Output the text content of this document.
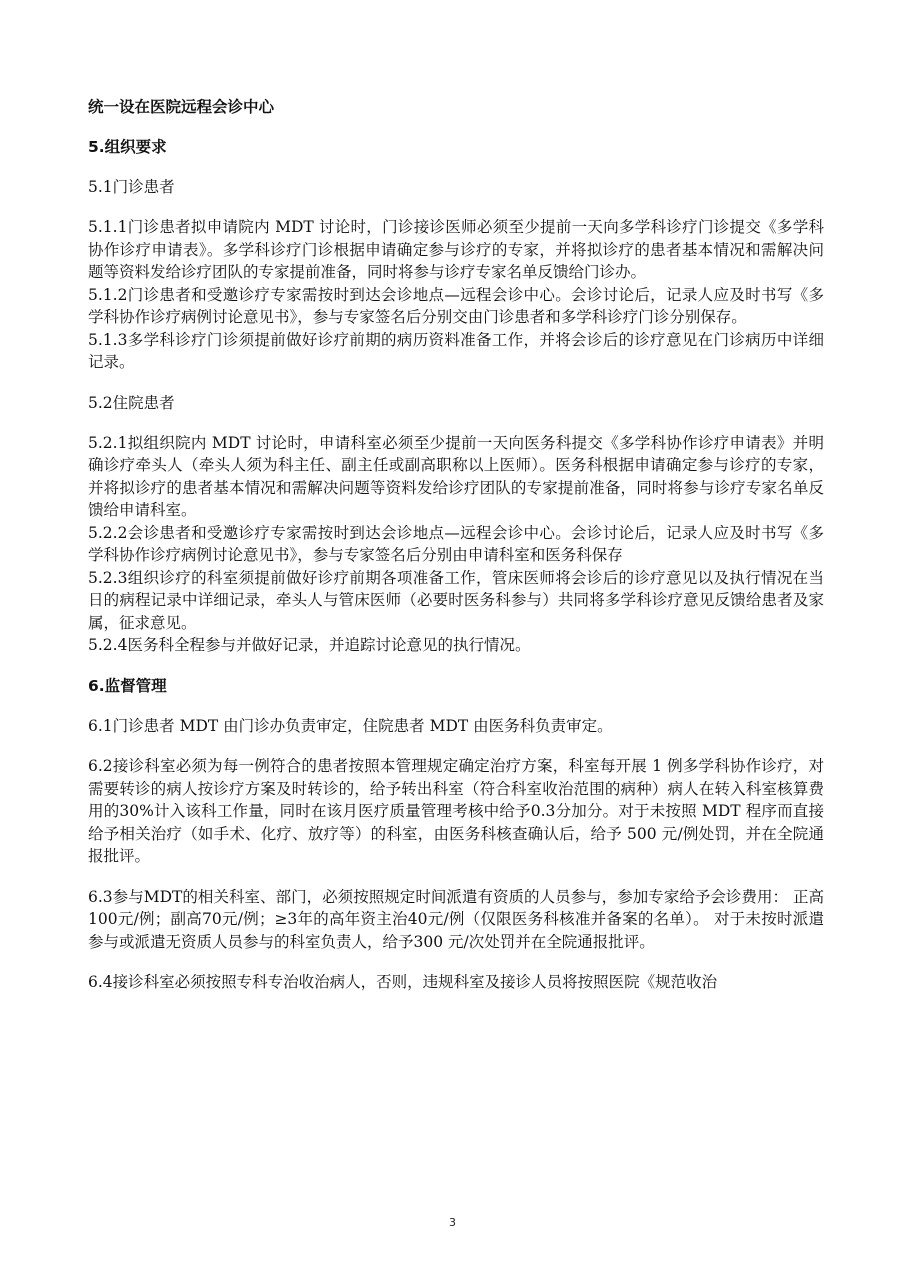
统一设在医院远程会诊中心

5.组织要求

5.1门诊患者

5.1.1门诊患者拟申请院内 MDT 讨论时，门诊接诊医师必须至少提前一天向多学科诊疗门诊提交《多学科协作诊疗申请表》。多学科诊疗门诊根据申请确定参与诊疗的专家，并将拟诊疗的患者基本情况和需解决问题等资料发给诊疗团队的专家提前准备，同时将参与诊疗专家名单反馈给门诊办。

5.1.2门诊患者和受邀诊疗专家需按时到达会诊地点—远程会诊中心。会诊讨论后，记录人应及时书写《多学科协作诊疗病例讨论意见书》，参与专家签名后分别交由门诊患者和多学科诊疗门诊分别保存。

5.1.3多学科诊疗门诊须提前做好诊疗前期的病历资料准备工作，并将会诊后的诊疗意见在门诊病历中详细记录。

5.2住院患者

5.2.1拟组织院内 MDT 讨论时，申请科室必须至少提前一天向医务科提交《多学科协作诊疗申请表》并明确诊疗牵头人（牵头人须为科主任、副主任或副高职称以上医师）。医务科根据申请确定参与诊疗的专家，并将拟诊疗的患者基本情况和需解决问题等资料发给诊疗团队的专家提前准备，同时将参与诊疗专家名单反馈给申请科室。

5.2.2会诊患者和受邀诊疗专家需按时到达会诊地点—远程会诊中心。会诊讨论后，记录人应及时书写《多学科协作诊疗病例讨论意见书》，参与专家签名后分别由申请科室和医务科保存

5.2.3组织诊疗的科室须提前做好诊疗前期各项准备工作，管床医师将会诊后的诊疗意见以及执行情况在当日的病程记录中详细记录，牵头人与管床医师（必要时医务科参与）共同将多学科诊疗意见反馈给患者及家属，征求意见。

5.2.4医务科全程参与并做好记录，并追踪讨论意见的执行情况。

6.监督管理

6.1门诊患者 MDT 由门诊办负责审定，住院患者 MDT 由医务科负责审定。

6.2接诊科室必须为每一例符合的患者按照本管理规定确定治疗方案，科室每开展 1 例多学科协作诊疗，对需要转诊的病人按诊疗方案及时转诊的，给予转出科室（符合科室收治范围的病种）病人在转入科室核算费用的30%计入该科工作量，同时在该月医疗质量管理考核中给予0.3分加分。对于未按照 MDT 程序而直接给予相关治疗（如手术、化疗、放疗等）的科室，由医务科核查确认后，给予 500 元/例处罚，并在全院通报批评。

6.3参与MDT的相关科室、部门，必须按照规定时间派遣有资质的人员参与，参加专家给予会诊费用： 正高100元/例；副高70元/例；≥3年的高年资主治40元/例（仅限医务科核准并备案的名单）。 对于未按时派遣参与或派遣无资质人员参与的科室负责人，给予300 元/次处罚并在全院通报批评。

6.4接诊科室必须按照专科专治收治病人，否则，违规科室及接诊人员将按照医院《规范收治

3
